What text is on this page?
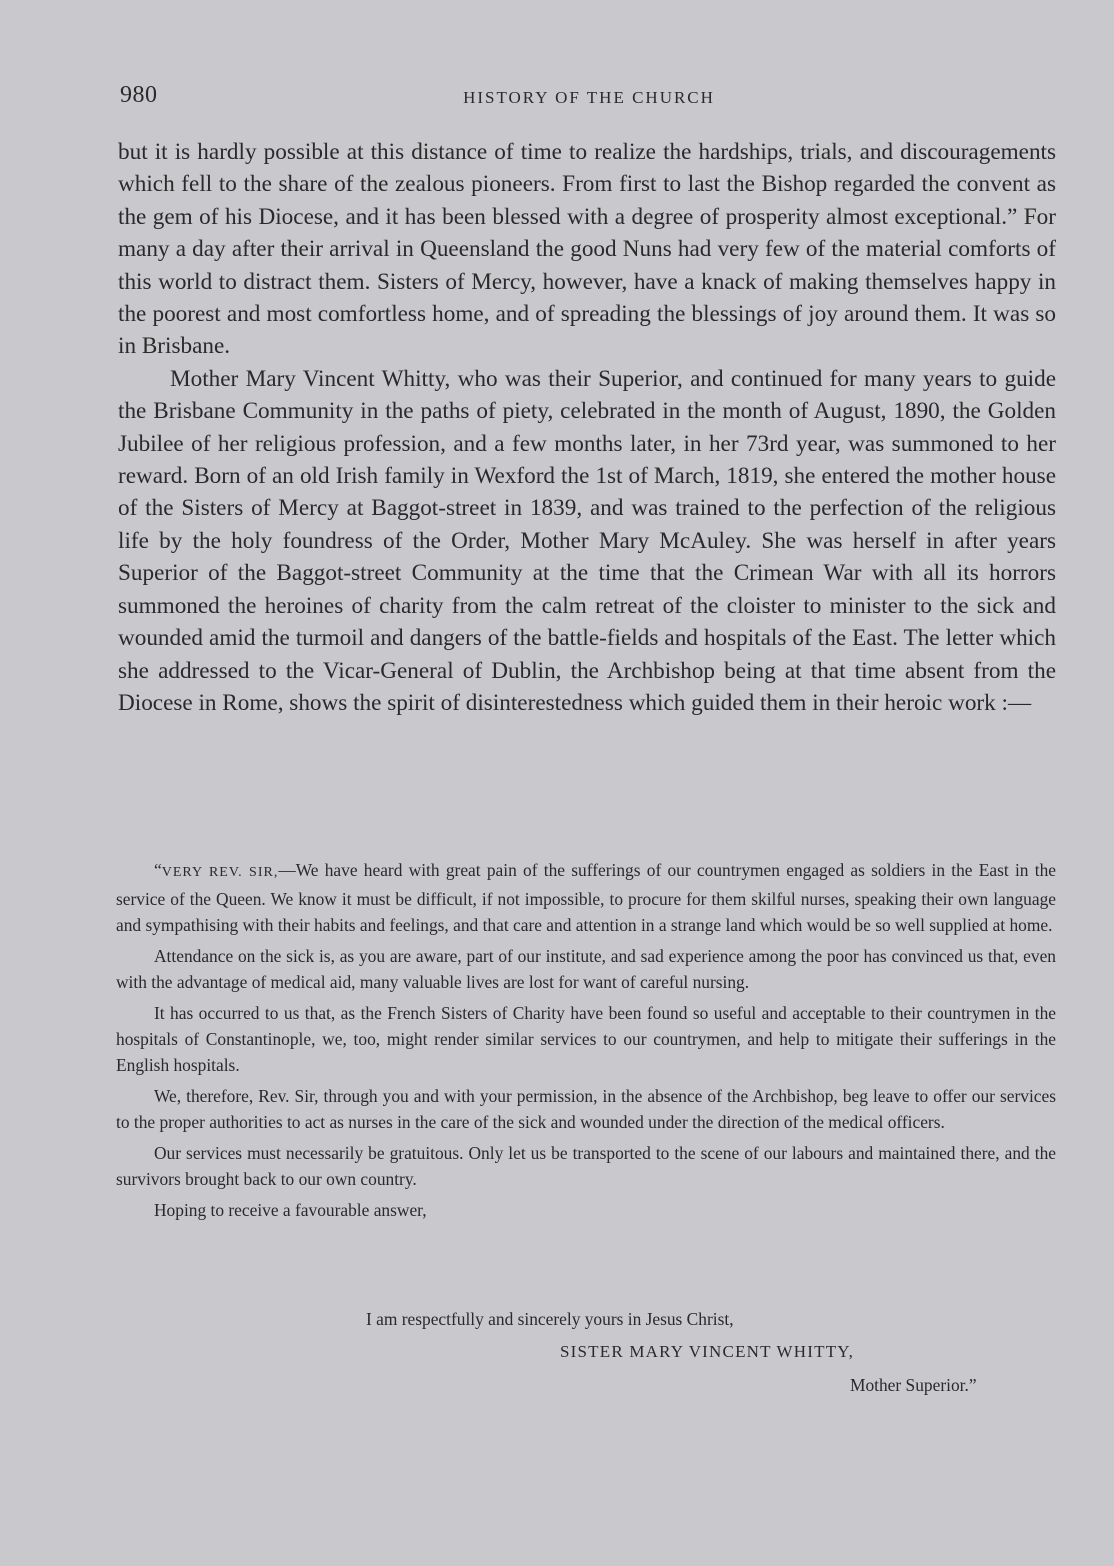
980	HISTORY OF THE CHURCH

but it is hardly possible at this distance of time to realize the hardships, trials, and discouragements which fell to the share of the zealous pioneers. From first to last the Bishop regarded the convent as the gem of his Diocese, and it has been blessed with a degree of prosperity almost exceptional.” For many a day after their arrival in Queensland the good Nuns had very few of the material comforts of this world to distract them. Sisters of Mercy, however, have a knack of making themselves happy in the poorest and most comfortless home, and of spreading the blessings of joy around them. It was so in Brisbane.

Mother Mary Vincent Whitty, who was their Superior, and continued for many years to guide the Brisbane Community in the paths of piety, celebrated in the month of August, 1890, the Golden Jubilee of her religious profession, and a few months later, in her 73rd year, was summoned to her reward. Born of an old Irish family in Wexford the 1st of March, 1819, she entered the mother house of the Sisters of Mercy at Baggot-street in 1839, and was trained to the perfection of the religious life by the holy foundress of the Order, Mother Mary McAuley. She was herself in after years Superior of the Baggot-street Community at the time that the Crimean War with all its horrors summoned the heroines of charity from the calm retreat of the cloister to minister to the sick and wounded amid the turmoil and dangers of the battle-fields and hospitals of the East. The letter which she addressed to the Vicar-General of Dublin, the Archbishop being at that time absent from the Diocese in Rome, shows the spirit of disinterestedness which guided them in their heroic work :—

“VERY REV. SIR,—We have heard with great pain of the sufferings of our countrymen engaged as soldiers in the East in the service of the Queen. We know it must be difficult, if not impossible, to procure for them skilful nurses, speaking their own language and sympathising with their habits and feelings, and that care and attention in a strange land which would be so well supplied at home.

Attendance on the sick is, as you are aware, part of our institute, and sad experience among the poor has convinced us that, even with the advantage of medical aid, many valuable lives are lost for want of careful nursing.

It has occurred to us that, as the French Sisters of Charity have been found so useful and acceptable to their countrymen in the hospitals of Constantinople, we, too, might render similar services to our countrymen, and help to mitigate their sufferings in the English hospitals.

We, therefore, Rev. Sir, through you and with your permission, in the absence of the Archbishop, beg leave to offer our services to the proper authorities to act as nurses in the care of the sick and wounded under the direction of the medical officers.

Our services must necessarily be gratuitous. Only let us be transported to the scene of our labours and maintained there, and the survivors brought back to our own country.

Hoping to receive a favourable answer,

I am respectfully and sincerely yours in Jesus Christ,
SISTER MARY VINCENT WHITTY,
Mother Superior.”
